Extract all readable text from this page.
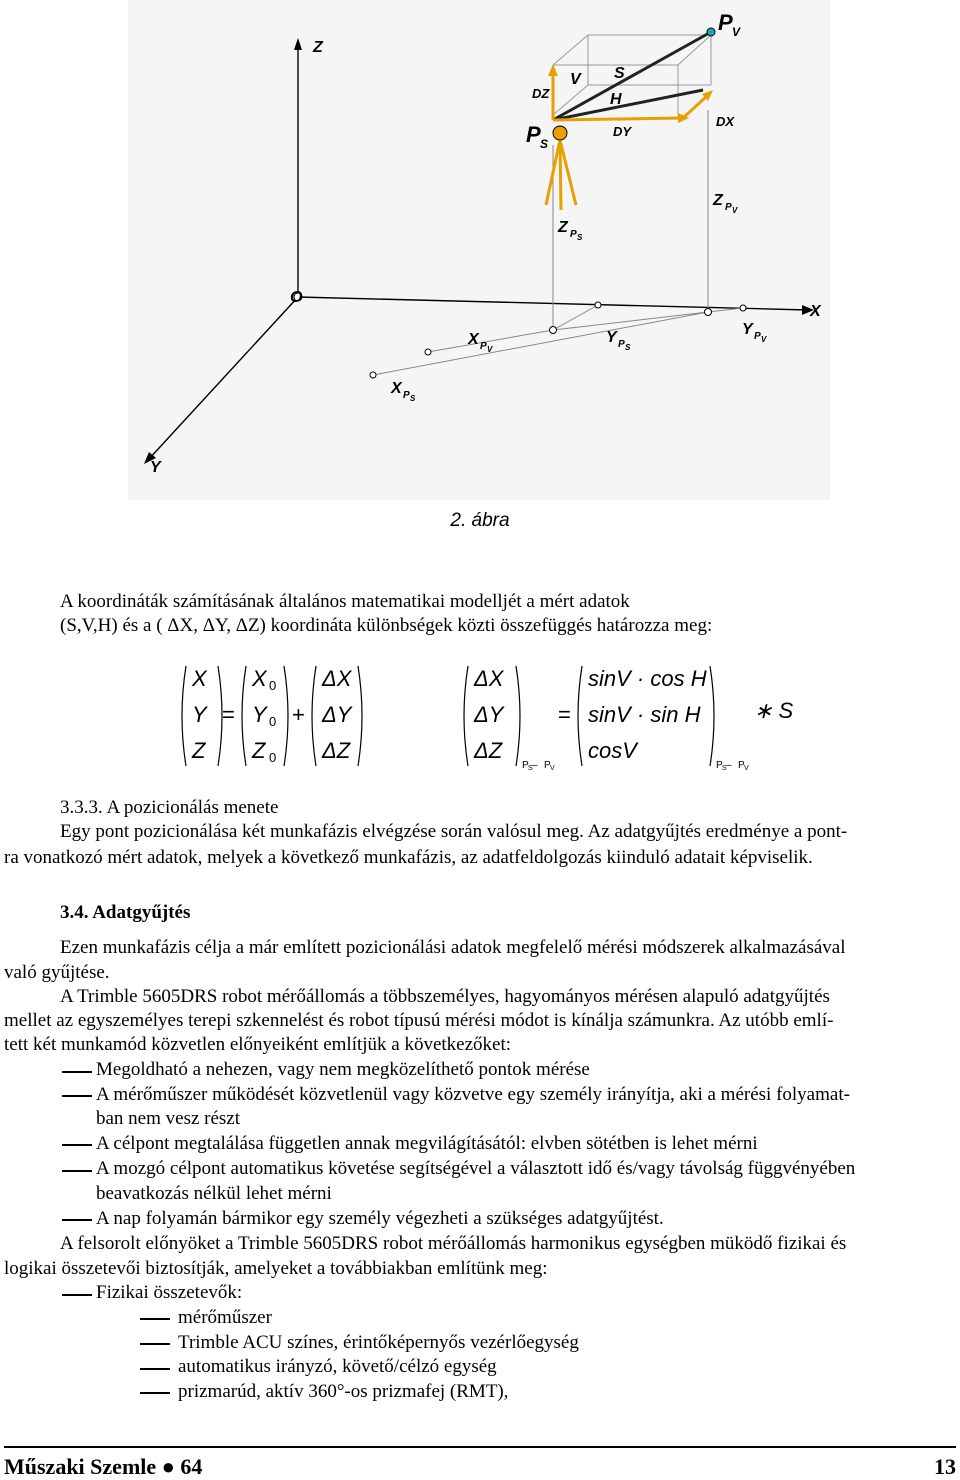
Z
X
Y
O
P V
P S
V S
H
DZ
DY
DX
Z P V
Z P S
X P V
X P S
Y P S
Y P V
2. ábra
A koordináták számításának általános matematikai modelljét a mért adatok
(S,V,H) és a ( ΔX, ΔY, ΔZ) koordináta különbségek közti összefüggés határozza meg:
X
Y
Z
=
X
Y
Z
0
0
0
+
ΔX
ΔY
ΔZ
ΔX
ΔY
ΔZ
P S – P V
=
sinV · cos H
sinV · sin H
cosV
P S – P V
∗ S
3.3.3. A pozicionálás menete
Egy pont pozicionálása két munkafázis elvégzése során valósul meg. Az adatgyűjtés eredménye a pont-
ra vonatkozó mért adatok, melyek a következő munkafázis, az adatfeldolgozás kiinduló adatait képviselik.
3.4. Adatgyűjtés
Ezen munkafázis célja a már említett pozicionálási adatok megfelelő mérési módszerek alkalmazásával
való gyűjtése.
A Trimble 5605DRS robot mérőállomás a többszemélyes, hagyományos mérésen alapuló adatgyűjtés
mellet az egyszemélyes terepi szkennelést és robot típusú mérési módot is kínálja számunkra. Az utóbb emlí-
tett két munkamód közvetlen előnyeiként említjük a következőket:
Megoldható a nehezen, vagy nem megközelíthető pontok mérése
A mérőműszer működését közvetlenül vagy közvetve egy személy irányítja, aki a mérési folyamat-
ban nem vesz részt
A célpont megtalálása független annak megvilágításától: elvben sötétben is lehet mérni
A mozgó célpont automatikus követése segítségével a választott idő és/vagy távolság függvényében
beavatkozás nélkül lehet mérni
A nap folyamán bármikor egy személy végezheti a szükséges adatgyűjtést.
A felsorolt előnyöket a Trimble 5605DRS robot mérőállomás harmonikus egységben müködő fizikai és
logikai összetevői biztosítják, amelyeket a továbbiakban említünk meg:
Fizikai összetevők:
mérőműszer
Trimble ACU színes, érintőképernyős vezérlőegység
automatikus irányzó, követő/célzó egység
prizmarúd, aktív 360°-os prizmafej (RMT),
Műszaki Szemle ● 64	13
